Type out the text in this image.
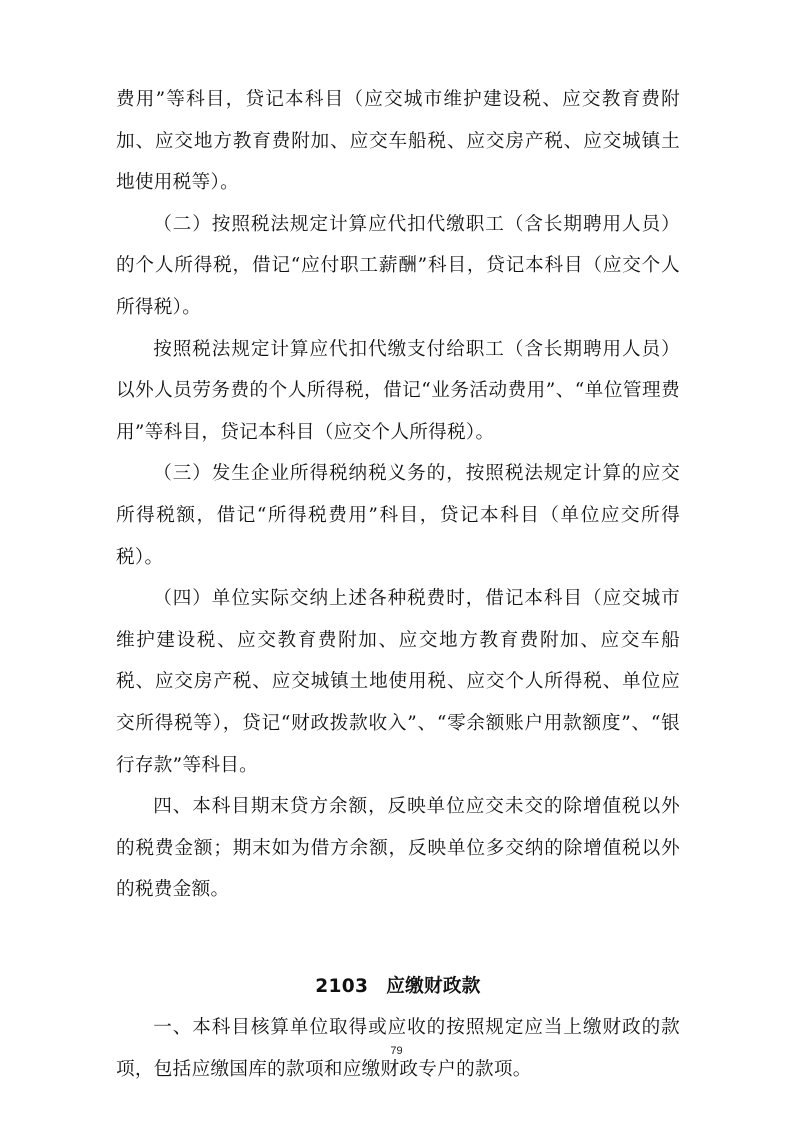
费用”等科目，贷记本科目（应交城市维护建设税、应交教育费附加、应交地方教育费附加、应交车船税、应交房产税、应交城镇土地使用税等）。

（二）按照税法规定计算应代扣代缴职工（含长期聘用人员）的个人所得税，借记“应付职工薪酬”科目，贷记本科目（应交个人所得税）。

按照税法规定计算应代扣代缴支付给职工（含长期聘用人员）以外人员劳务费的个人所得税，借记“业务活动费用”、“单位管理费用”等科目，贷记本科目（应交个人所得税）。

（三）发生企业所得税纳税义务的，按照税法规定计算的应交所得税额，借记“所得税费用”科目，贷记本科目（单位应交所得税）。

（四）单位实际交纳上述各种税费时，借记本科目（应交城市维护建设税、应交教育费附加、应交地方教育费附加、应交车船税、应交房产税、应交城镇土地使用税、应交个人所得税、单位应交所得税等），贷记“财政拨款收入”、“零余额账户用款额度”、“银行存款”等科目。

四、本科目期末贷方余额，反映单位应交未交的除增值税以外的税费金额；期末如为借方余额，反映单位多交纳的除增值税以外的税费金额。

2103 应缴财政款

一、本科目核算单位取得或应收的按照规定应当上缴财政的款项，包括应缴国库的款项和应缴财政专户的款项。

79
